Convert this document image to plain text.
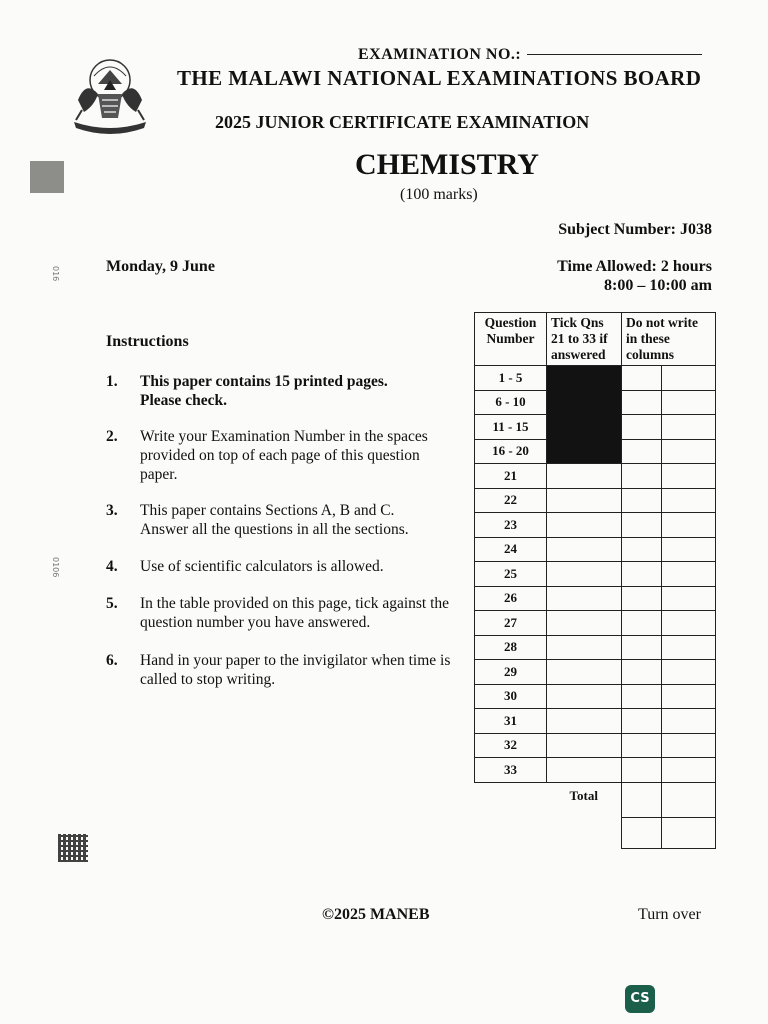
EXAMINATION NO.:
THE MALAWI NATIONAL EXAMINATIONS BOARD
2025 JUNIOR CERTIFICATE EXAMINATION
CHEMISTRY
(100 marks)
Subject Number: J038
Monday, 9 June	Time Allowed: 2 hours
8:00 – 10:00 am
016
0106
Instructions
1. This paper contains 15 printed pages. Please check.
2. Write your Examination Number in the spaces provided on top of each page of this question paper.
3. This paper contains Sections A, B and C. Answer all the questions in all the sections.
4. Use of scientific calculators is allowed.
5. In the table provided on this page, tick against the question number you have answered.
6. Hand in your paper to the invigilator when time is called to stop writing.
Question Number	Tick Qns 21 to 33 if answered	Do not write in these columns	
1 - 5			
6 - 10			
11 - 15			
16 - 20			
21			
22			
23			
24			
25			
26			
27			
28			
29			
30			
31			
32			
33			
	Total		

©2025 MANEB	Turn over
CS
